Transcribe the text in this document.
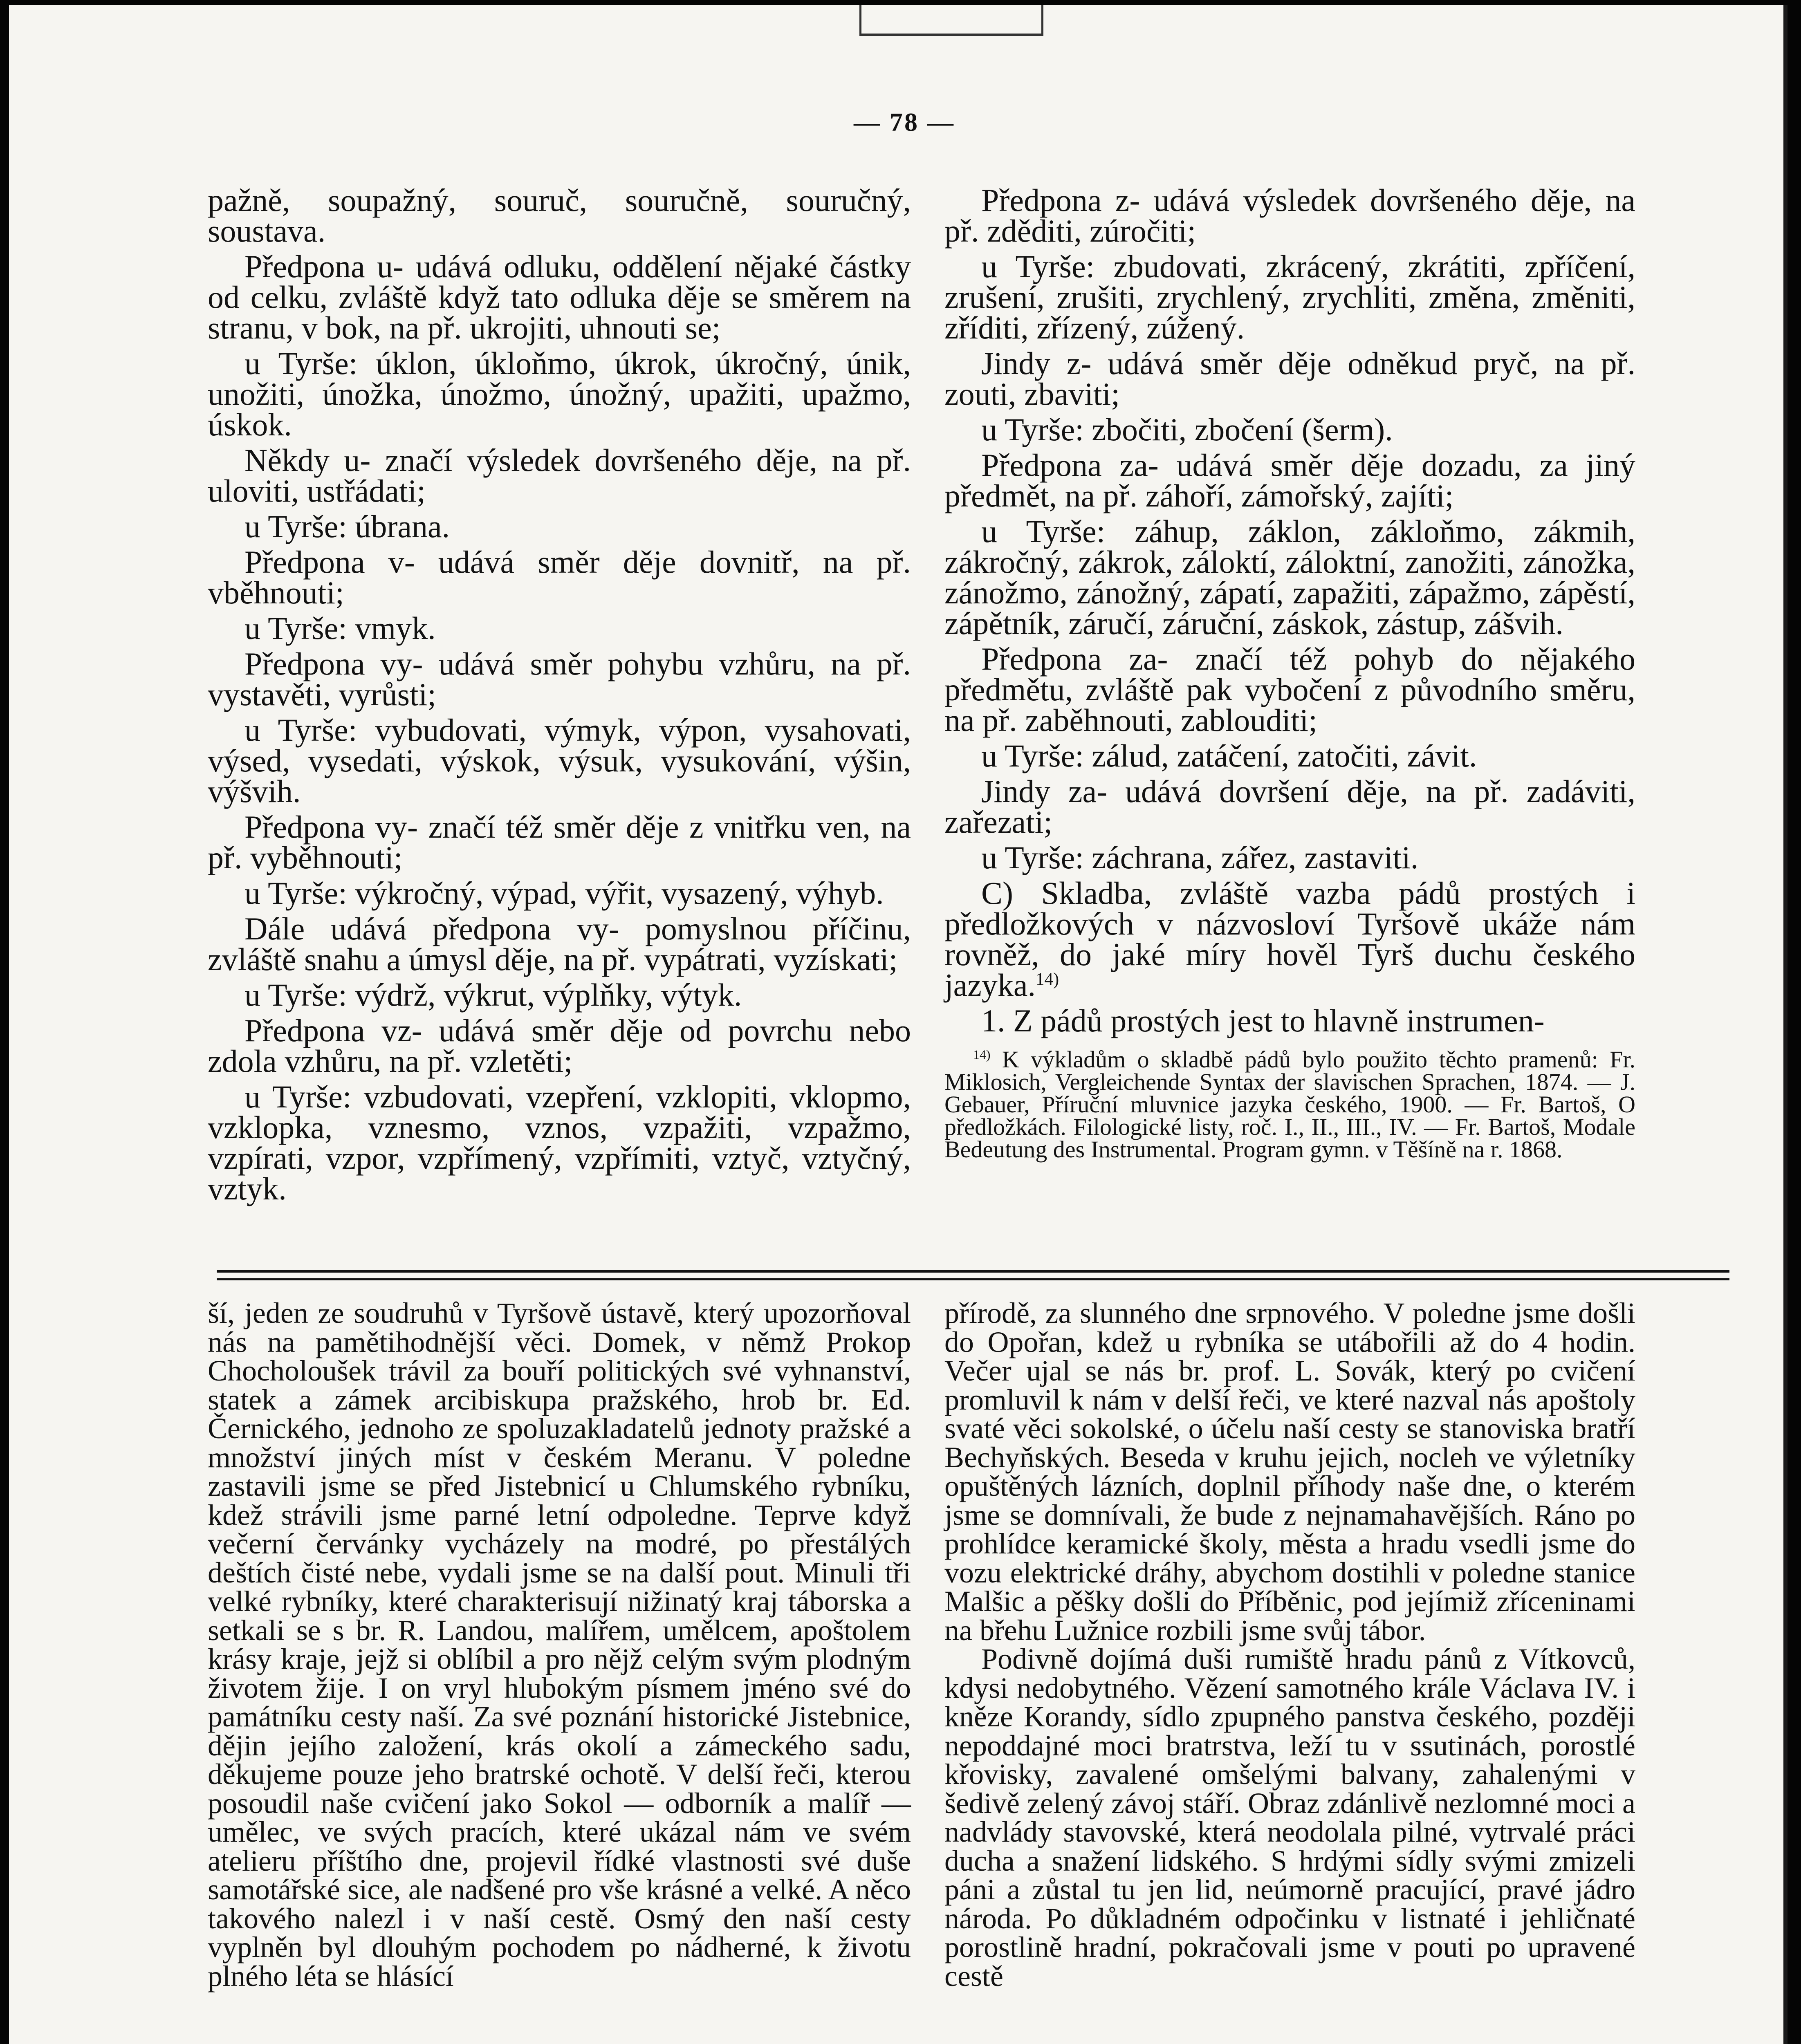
— 78 —

pažně, soupažný, souruč, souručně, souručný, soustava.

Předpona u- udává odluku, oddělení nějaké částky od celku, zvláště když tato odluka děje se směrem na stranu, v bok, na př. ukrojiti, uhnouti se;

u Tyrše: úklon, úkloňmo, úkrok, úkročný, únik, unožiti, únožka, únožmo, únožný, upažiti, upažmo, úskok.

Někdy u- značí výsledek dovršeného děje, na př. uloviti, ustřádati;

u Tyrše: úbrana.

Předpona v- udává směr děje dovnitř, na př. vběhnouti;

u Tyrše: vmyk.

Předpona vy- udává směr pohybu vzhůru, na př. vystavěti, vyrůsti;

u Tyrše: vybudovati, výmyk, výpon, vysahovati, výsed, vysedati, výskok, výsuk, vysukování, výšin, výšvih.

Předpona vy- značí též směr děje z vnitřku ven, na př. vyběhnouti;

u Tyrše: výkročný, výpad, výřit, vysazený, výhyb.

Dále udává předpona vy- pomyslnou příčinu, zvláště snahu a úmysl děje, na př. vypátrati, vyzískati;

u Tyrše: výdrž, výkrut, výplňky, výtyk.

Předpona vz- udává směr děje od povrchu nebo zdola vzhůru, na př. vzletěti;

u Tyrše: vzbudovati, vzepření, vzklopiti, vklopmo, vzklopka, vznesmo, vznos, vzpažiti, vzpažmo, vzpírati, vzpor, vzpřímený, vzpřímiti, vztyč, vztyčný, vztyk.

Předpona z- udává výsledek dovršeného děje, na př. zděditi, zúročiti;

u Tyrše: zbudovati, zkrácený, zkrátiti, zpříčení, zrušení, zrušiti, zrychlený, zrychliti, změna, změniti, zříditi, zřízený, zúžený.

Jindy z- udává směr děje odněkud pryč, na př. zouti, zbaviti;

u Tyrše: zbočiti, zbočení (šerm).

Předpona za- udává směr děje dozadu, za jiný předmět, na př. záhoří, zámořský, zajíti;

u Tyrše: záhup, záklon, zákloňmo, zákmih, zákročný, zákrok, záloktí, záloktní, zanožiti, zánožka, zánožmo, zánožný, zápatí, zapažiti, zápažmo, zápěstí, zápětník, záručí, záruční, záskok, zástup, zášvih.

Předpona za- značí též pohyb do nějakého předmětu, zvláště pak vybočení z původního směru, na př. zaběhnouti, zablouditi;

u Tyrše: zálud, zatáčení, zatočiti, závit.

Jindy za- udává dovršení děje, na př. zadáviti, zařezati;

u Tyrše: záchrana, zářez, zastaviti.

C) Skladba, zvláště vazba pádů prostých i předložkových v názvosloví Tyršově ukáže nám rovněž, do jaké míry hověl Tyrš duchu českého jazyka.$^{14)}$

1. Z pádů prostých jest to hlavně instrumen-

$^{14)}$ K výkladům o skladbě pádů bylo použito těchto pramenů: Fr. Miklosich, Vergleichende Syntax der slavischen Sprachen, 1874. — J. Gebauer, Příruční mluvnice jazyka českého, 1900. — Fr. Bartoš, O předložkách. Filologické listy, roč. I., II., III., IV. — Fr. Bartoš, Modale Bedeutung des Instrumental. Program gymn. v Těšíně na r. 1868.

ší, jeden ze soudruhů v Tyršově ústavě, který upozorňoval nás na pamětihodnější věci. Domek, v němž Prokop Chocholoušek trávil za bouří politických své vyhnanství, statek a zámek arcibiskupa pražského, hrob br. Ed. Černického, jednoho ze spoluzakladatelů jednoty pražské a množství jiných míst v českém Meranu. V poledne zastavili jsme se před Jistebnicí u Chlumského rybníku, kdež strávili jsme parné letní odpoledne. Teprve když večerní červánky vycházely na modré, po přestálých deštích čisté nebe, vydali jsme se na další pout. Minuli tři velké rybníky, které charakterisují nižinatý kraj táborska a setkali se s br. R. Landou, malířem, umělcem, apoštolem krásy kraje, jejž si oblíbil a pro nějž celým svým plodným životem žije. I on vryl hlubokým písmem jméno své do památníku cesty naší. Za své poznání historické Jistebnice, dějin jejího založení, krás okolí a zámeckého sadu, děkujeme pouze jeho bratrské ochotě. V delší řeči, kterou posoudil naše cvičení jako Sokol — odborník a malíř — umělec, ve svých pracích, které ukázal nám ve svém atelieru příštího dne, projevil řídké vlastnosti své duše samotářské sice, ale nadšené pro vše krásné a velké. A něco takového nalezl i v naší cestě. Osmý den naší cesty vyplněn byl dlouhým pochodem po nádherné, k životu plného léta se hlásící

přírodě, za slunného dne srpnového. V poledne jsme došli do Opořan, kdež u rybníka se utábořili až do 4 hodin. Večer ujal se nás br. prof. L. Sovák, který po cvičení promluvil k nám v delší řeči, ve které nazval nás apoštoly svaté věci sokolské, o účelu naší cesty se stanoviska bratří Bechyňských. Beseda v kruhu jejich, nocleh ve výletníky opuštěných lázních, doplnil příhody naše dne, o kterém jsme se domnívali, že bude z nejnamahavějších. Ráno po prohlídce keramické školy, města a hradu vsedli jsme do vozu elektrické dráhy, abychom dostihli v poledne stanice Malšic a pěšky došli do Příběnic, pod jejímiž zříceninami na břehu Lužnice rozbili jsme svůj tábor.

Podivně dojímá duši rumiště hradu pánů z Vítkovců, kdysi nedobytného. Vězení samotného krále Václava IV. i kněze Korandy, sídlo zpupného panstva českého, později nepoddajné moci bratrstva, leží tu v ssutinách, porostlé křovisky, zavalené omšelými balvany, zahalenými v šedivě zelený závoj stáří. Obraz zdánlivě nezlomné moci a nadvlády stavovské, která neodolala pilné, vytrvalé práci ducha a snažení lidského. S hrdými sídly svými zmizeli páni a zůstal tu jen lid, neúmorně pracující, pravé jádro národa. Po důkladném odpočinku v listnaté i jehličnaté porostlině hradní, pokračovali jsme v pouti po upravené cestě
